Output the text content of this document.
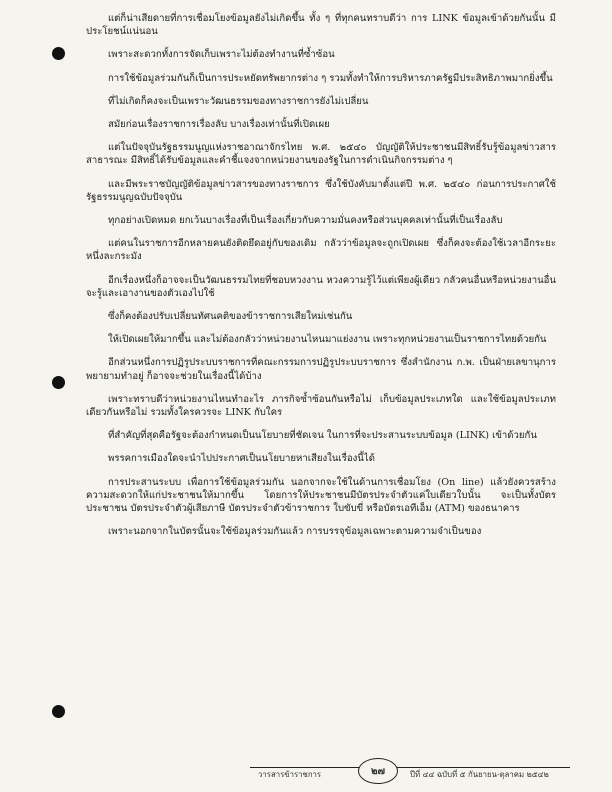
แต่ก็น่าเสียดายที่การเชื่อมโยงข้อมูลยังไม่เกิดขึ้น ทั้ง ๆ ที่ทุกคนทราบดีว่า การ LINK ข้อมูลเข้าด้วยกันนั้น มีประโยชน์แน่นอน

เพราะสะดวกทั้งการจัดเก็บเพราะไม่ต้องทำงานที่ซ้ำซ้อน

การใช้ข้อมูลร่วมกันก็เป็นการประหยัดทรัพยากรต่าง ๆ รวมทั้งทำให้การบริหารภาครัฐมีประสิทธิภาพมากยิ่งขึ้น

ที่ไม่เกิดก็คงจะเป็นเพราะวัฒนธรรมของทางราชการยังไม่เปลี่ยน

สมัยก่อนเรื่องราชการเรื่องลับ บางเรื่องเท่านั้นที่เปิดเผย

แต่ในปัจจุบันรัฐธรรมนูญแห่งราชอาณาจักรไทย พ.ศ. ๒๕๔๐ บัญญัติให้ประชาชนมีสิทธิ์รับรู้ข้อมูลข่าวสารสาธารณะ มีสิทธิ์ได้รับข้อมูลและคำชี้แจงจากหน่วยงานของรัฐในการดำเนินกิจกรรมต่าง ๆ

และมีพระราชบัญญัติข้อมูลข่าวสารของทางราชการ ซึ่งใช้บังคับมาตั้งแต่ปี พ.ศ. ๒๕๔๐ ก่อนการประกาศใช้รัฐธรรมนูญฉบับปัจจุบัน

ทุกอย่างเปิดหมด ยกเว้นบางเรื่องที่เป็นเรื่องเกี่ยวกับความมั่นคงหรือส่วนบุคคลเท่านั้นที่เป็นเรื่องลับ

แต่คนในราชการอีกหลายคนยังติดยึดอยู่กับของเดิม กลัวว่าข้อมูลจะถูกเปิดเผย ซึ่งก็คงจะต้องใช้เวลาอีกระยะหนึ่งละกระมัง

อีกเรื่องหนึ่งก็อาจจะเป็นวัฒนธรรมไทยที่ชอบหวงงาน หวงความรู้ไว้แต่เพียงผู้เดียว กลัวคนอื่นหรือหน่วยงานอื่นจะรู้และเอางานของตัวเองไปใช้

ซึ่งก็คงต้องปรับเปลี่ยนทัศนคติของข้าราชการเสียใหม่เช่นกัน

ให้เปิดเผยให้มากขึ้น และไม่ต้องกลัวว่าหน่วยงานไหนมาแย่งงาน เพราะทุกหน่วยงานเป็นราชการไทยด้วยกัน

อีกส่วนหนึ่งการปฏิรูประบบราชการที่คณะกรรมการปฏิรูประบบราชการ ซึ่งสำนักงาน ก.พ. เป็นฝ่ายเลขานุการ พยายามทำอยู่ ก็อาจจะช่วยในเรื่องนี้ได้บ้าง

เพราะทราบดีว่าหน่วยงานไหนทำอะไร ภารกิจซ้ำซ้อนกันหรือไม่ เก็บข้อมูลประเภทใด และใช้ข้อมูลประเภทเดียวกันหรือไม่ รวมทั้งใครควรจะ LINK กับใคร

ที่สำคัญที่สุดคือรัฐจะต้องกำหนดเป็นนโยบายที่ชัดเจน ในการที่จะประสานระบบข้อมูล (LINK) เข้าด้วยกัน

พรรคการเมืองใดจะนำไปประกาศเป็นนโยบายหาเสียงในเรื่องนี้ได้

การประสานระบบ เพื่อการใช้ข้อมูลร่วมกัน นอกจากจะใช้ในด้านการเชื่อมโยง (On line) แล้วยังควรสร้างความสะดวกให้แก่ประชาชนให้มากขึ้น โดยการให้ประชาชนมีบัตรประจำตัวแค่ใบเดียวใบนั้น จะเป็นทั้งบัตรประชาชน บัตรประจำตัวผู้เสียภาษี บัตรประจำตัวข้าราชการ ใบขับขี่ หรือบัตรเอทีเอ็ม (ATM) ของธนาคาร

เพราะนอกจากในบัตรนั้นจะใช้ข้อมูลร่วมกันแล้ว การบรรจุข้อมูลเฉพาะตามความจำเป็นของ

วารสารข้าราชการ	๒๗	ปีที่ ๔๔ ฉบับที่ ๕ กันยายน-ตุลาคม ๒๕๔๒
